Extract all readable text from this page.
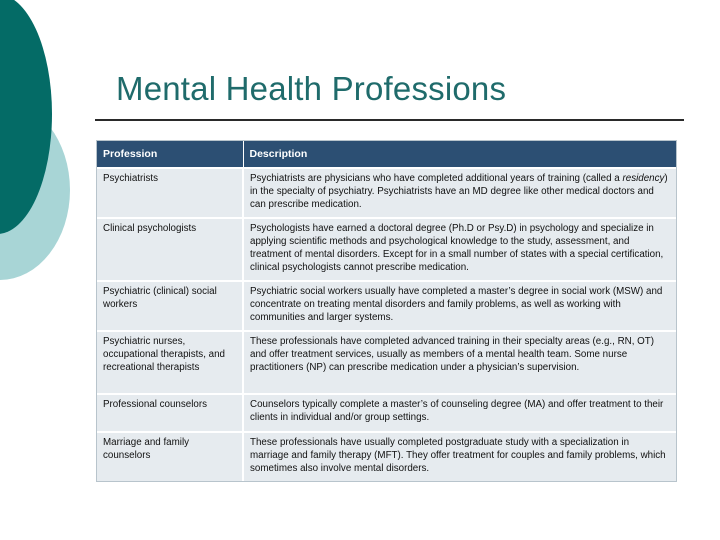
Mental Health Professions
Profession	Description
Psychiatrists	Psychiatrists are physicians who have completed additional years of training (called a residency) in the specialty of psychiatry. Psychiatrists have an MD degree like other medical doctors and can prescribe medication.
Clinical psychologists	Psychologists have earned a doctoral degree (Ph.D or Psy.D) in psychology and specialize in applying scientific methods and psychological knowledge to the study, assessment, and treatment of mental disorders. Except for in a small number of states with a special certification, clinical psychologists cannot prescribe medication.
Psychiatric (clinical) social workers	Psychiatric social workers usually have completed a master’s degree in social work (MSW) and concentrate on treating mental disorders and family problems, as well as working with communities and larger systems.
Psychiatric nurses, occupational therapists, and recreational therapists	These professionals have completed advanced training in their specialty areas (e.g., RN, OT) and offer treatment services, usually as members of a mental health team. Some nurse practitioners (NP) can prescribe medication under a physician’s supervision.
Professional counselors	Counselors typically complete a master’s of counseling degree (MA) and offer treatment to their clients in individual and/or group settings.
Marriage and family counselors	These professionals have usually completed postgraduate study with a specialization in marriage and family therapy (MFT). They offer treatment for couples and family problems, which sometimes also involve mental disorders.
